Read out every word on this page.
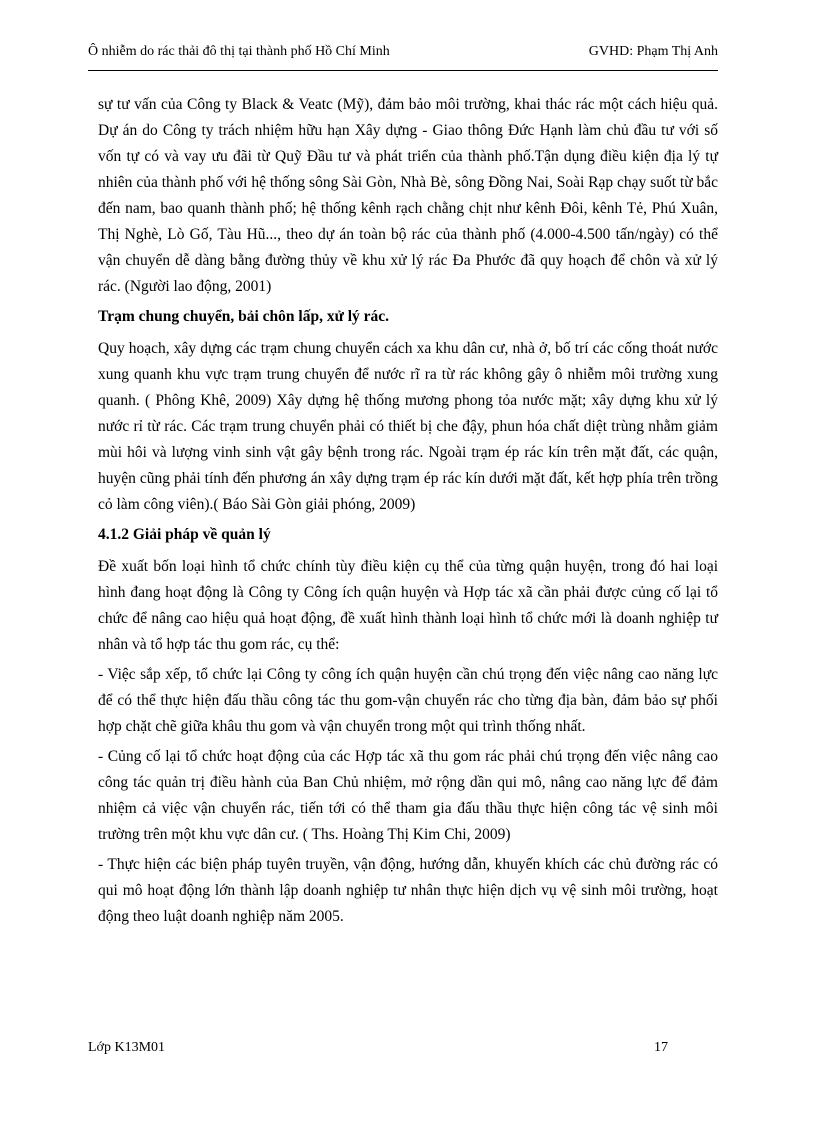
Ô nhiễm do rác thải đô thị tại thành phố Hồ Chí Minh	GVHD: Phạm Thị Anh

sự tư vấn của Công ty Black & Veatc (Mỹ), đảm bảo môi trường, khai thác rác một cách hiệu quả. Dự án do Công ty trách nhiệm hữu hạn Xây dựng - Giao thông Đức Hạnh làm chủ đầu tư với số vốn tự có và vay ưu đãi từ Quỹ Đầu tư và phát triển của thành phố.Tận dụng điều kiện địa lý tự nhiên của thành phố với hệ thống sông Sài Gòn, Nhà Bè, sông Đồng Nai, Soài Rạp chạy suốt từ bắc đến nam, bao quanh thành phố; hệ thống kênh rạch chằng chịt như kênh Đôi, kênh Tẻ, Phú Xuân, Thị Nghè, Lò Gố, Tàu Hũ..., theo dự án toàn bộ rác của thành phố (4.000-4.500 tấn/ngày) có thể vận chuyển dễ dàng bằng đường thủy về khu xử lý rác Đa Phước đã quy hoạch để chôn và xử lý rác. (Người lao động, 2001)

Trạm chung chuyển, bải chôn lấp, xử lý rác.

Quy hoạch, xây dựng các trạm chung chuyển cách xa khu dân cư, nhà ở, bố trí các cống thoát nước xung quanh khu vực trạm trung chuyển để nước rĩ ra từ rác không gây ô nhiễm môi trường xung quanh. ( Phông Khê, 2009) Xây dựng hệ thống mương phong tỏa nước mặt; xây dựng khu xử lý nước rỉ từ rác. Các trạm trung chuyển phải có thiết bị che đậy, phun hóa chất diệt trùng nhằm giảm mùi hôi và lượng vinh sinh vật gây bệnh trong rác. Ngoài trạm ép rác kín trên mặt đất, các quận, huyện cũng phải tính đến phương án xây dựng trạm ép rác kín dưới mặt đất, kết hợp phía trên trồng cỏ làm công viên).( Báo Sài Gòn giải phóng, 2009)

4.1.2 Giải pháp về quản lý

Đề xuất bốn loại hình tổ chức chính tùy điều kiện cụ thể của từng quận huyện, trong đó hai loại hình đang hoạt động là Công ty Công ích quận huyện và Hợp tác xã cần phải được củng cố lại tổ chức để nâng cao hiệu quả hoạt động, đề xuất hình thành loại hình tổ chức mới là doanh nghiệp tư nhân và tổ hợp tác thu gom rác, cụ thể:

- Việc sắp xếp, tổ chức lại Công ty công ích quận huyện cần chú trọng đến việc nâng cao năng lực để có thể thực hiện đấu thầu công tác thu gom-vận chuyển rác cho từng địa bàn, đảm bảo sự phối hợp chặt chẽ giữa khâu thu gom và vận chuyển trong một qui trình thống nhất.

- Củng cố lại tổ chức hoạt động của các Hợp tác xã thu gom rác phải chú trọng đến việc nâng cao công tác quản trị điều hành của Ban Chủ nhiệm, mở rộng dần qui mô, nâng cao năng lực để đảm nhiệm cả việc vận chuyển rác, tiến tới có thể tham gia đấu thầu thực hiện công tác vệ sinh môi trường trên một khu vực dân cư. ( Ths. Hoàng Thị Kim Chi, 2009)

- Thực hiện các biện pháp tuyên truyền, vận động, hướng dẫn, khuyến khích các chủ đường rác có qui mô hoạt động lớn thành lập doanh nghiệp tư nhân thực hiện dịch vụ vệ sinh môi trường, hoạt động theo luật doanh nghiệp năm 2005.

Lớp K13M01	17
